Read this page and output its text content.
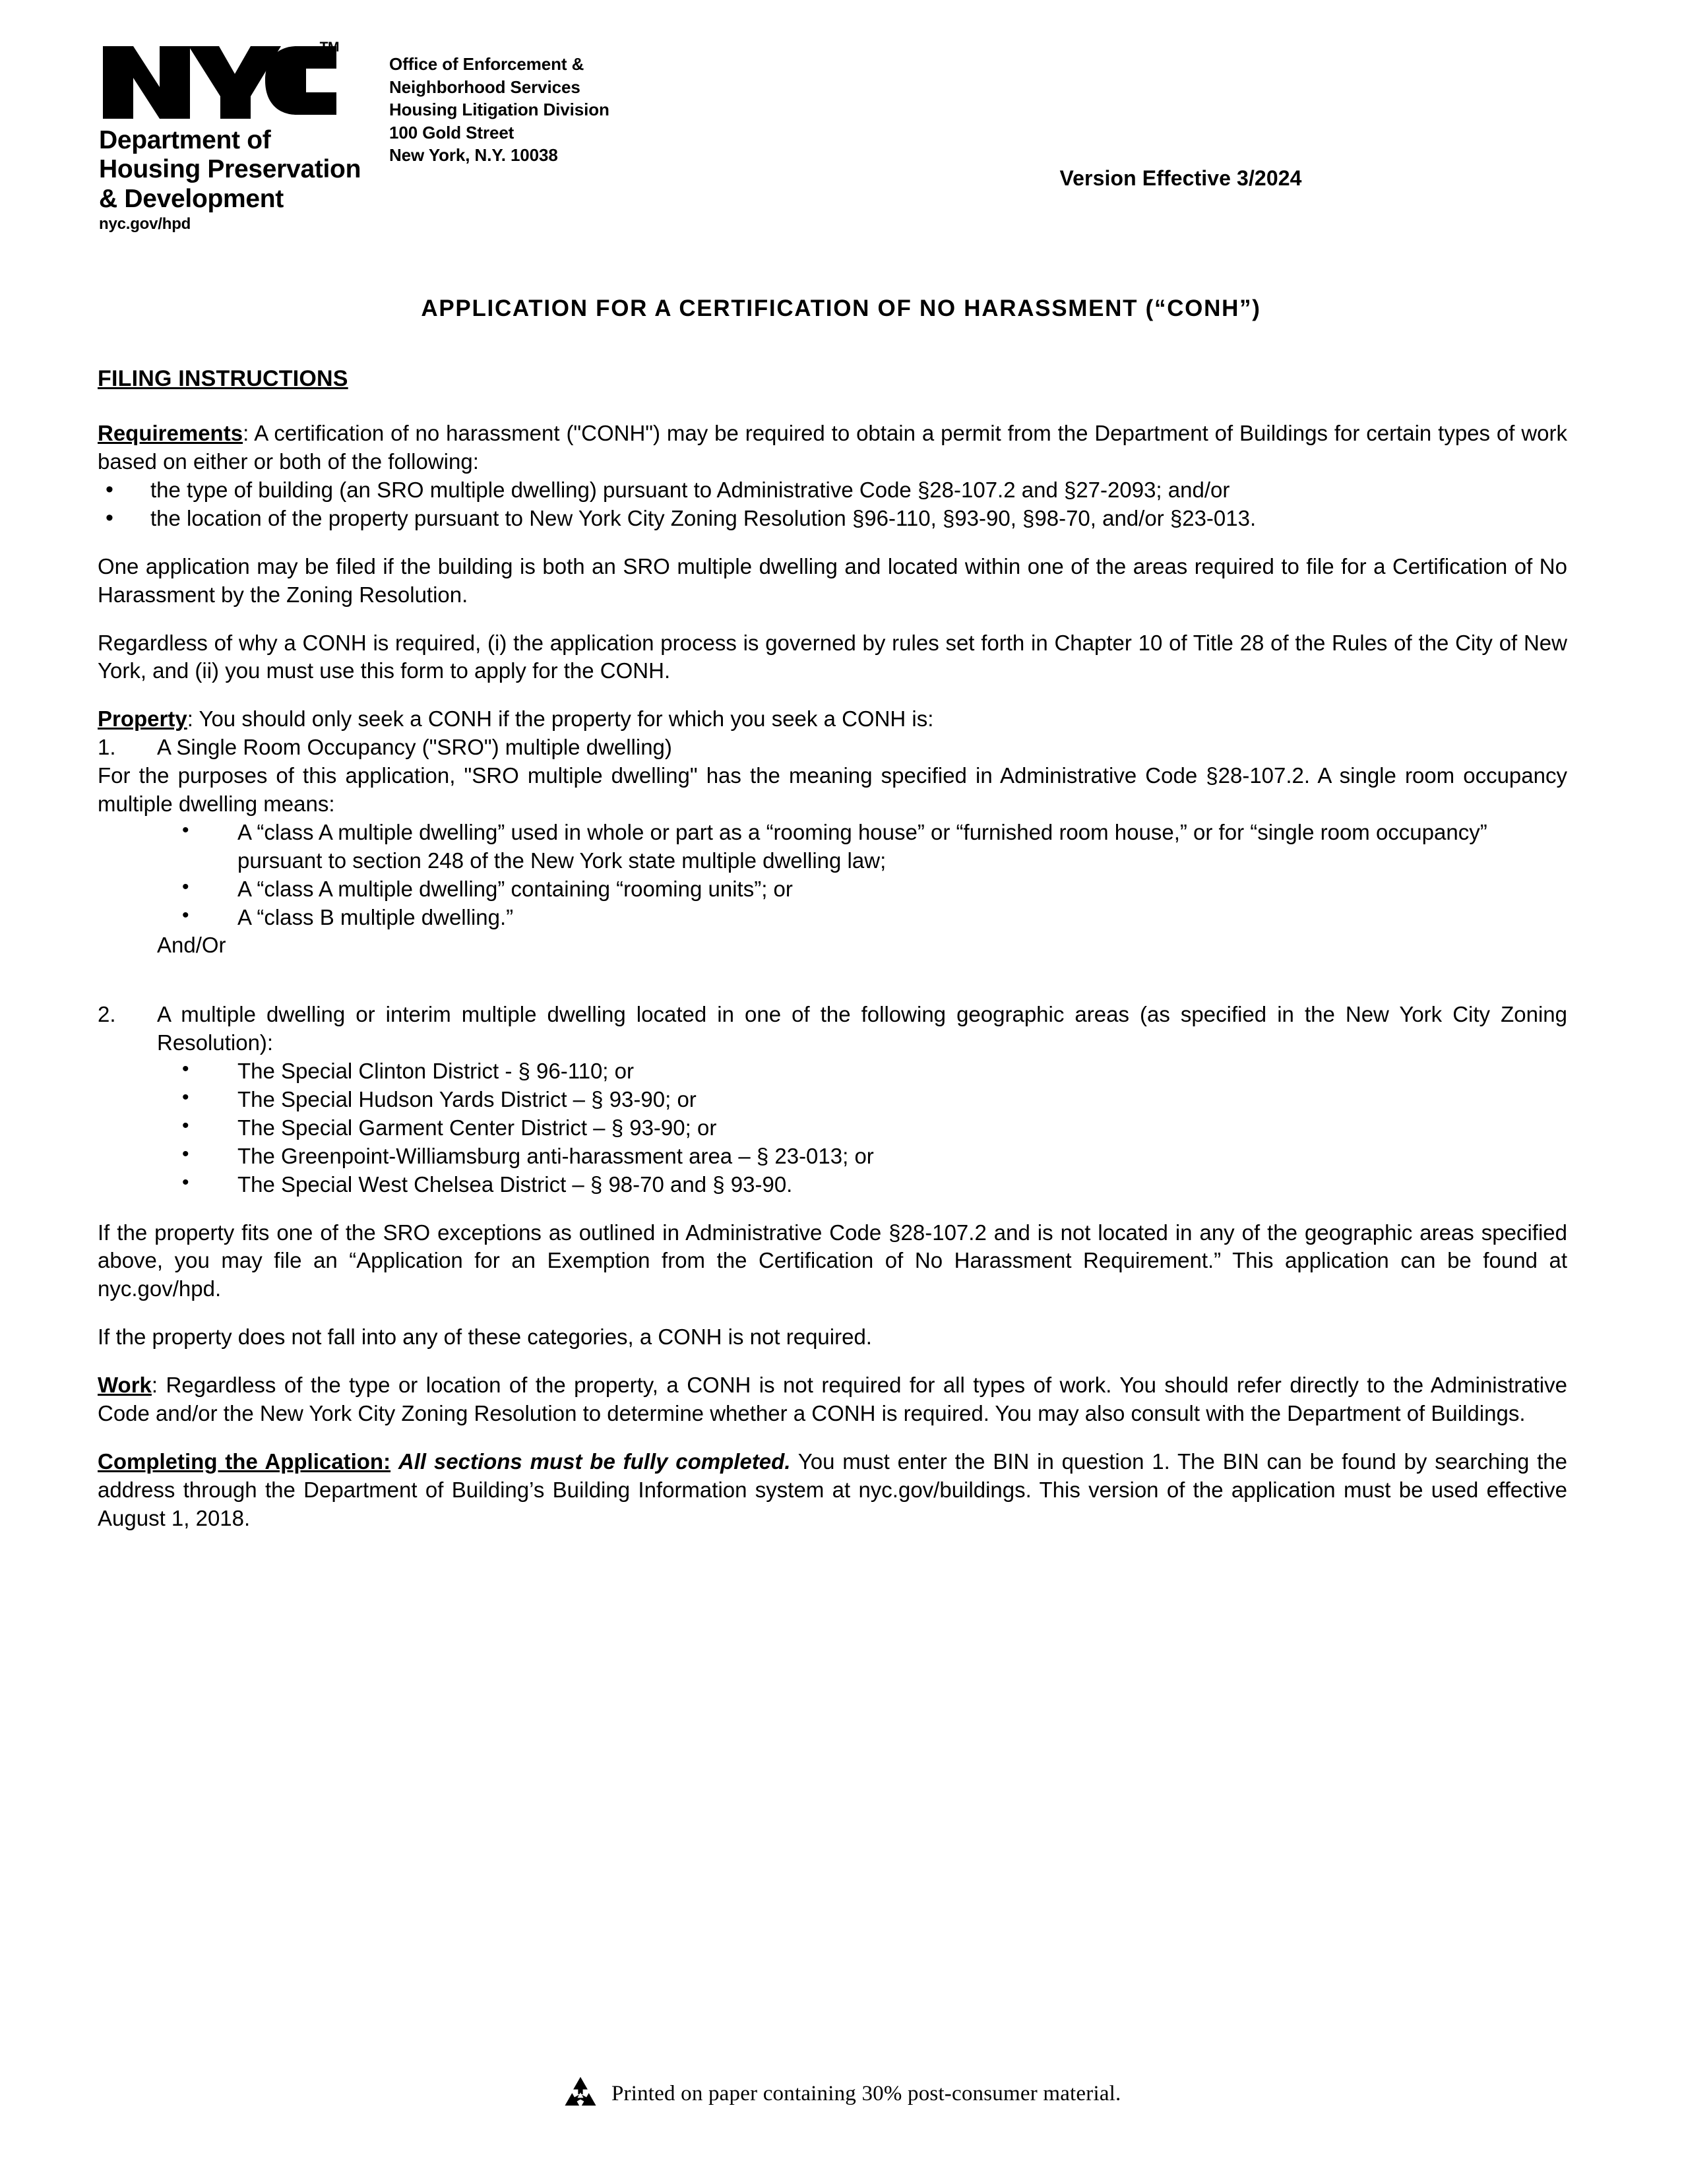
TM
Department of
Housing Preservation
& Development
nyc.gov/hpd
Office of Enforcement &
Neighborhood Services
Housing Litigation Division
100 Gold Street
New York, N.Y. 10038
Version Effective 3/2024
APPLICATION FOR A CERTIFICATION OF NO HARASSMENT (“CONH”)
FILING INSTRUCTIONS

Requirements: A certification of no harassment ("CONH") may be required to obtain a permit from the Department of Buildings for certain types of work based on either or both of the following:

• the type of building (an SRO multiple dwelling) pursuant to Administrative Code §28-107.2 and §27-2093; and/or
• the location of the property pursuant to New York City Zoning Resolution §96-110, §93-90, §98-70, and/or §23-013.

One application may be filed if the building is both an SRO multiple dwelling and located within one of the areas required to file for a Certification of No Harassment by the Zoning Resolution.

Regardless of why a CONH is required, (i) the application process is governed by rules set forth in Chapter 10 of Title 28 of the Rules of the City of New York, and (ii) you must use this form to apply for the CONH.

Property: You should only seek a CONH if the property for which you seek a CONH is:

1. A Single Room Occupancy ("SRO") multiple dwelling)

For the purposes of this application, "SRO multiple dwelling" has the meaning specified in Administrative Code §28-107.2. A single room occupancy multiple dwelling means:

• A “class A multiple dwelling” used in whole or part as a “rooming house” or “furnished room house,” or for “single room occupancy” pursuant to section 248 of the New York state multiple dwelling law;
• A “class A multiple dwelling” containing “rooming units”; or
• A “class B multiple dwelling.”

And/Or

2. A multiple dwelling or interim multiple dwelling located in one of the following geographic areas (as specified in the New York City Zoning Resolution):
• The Special Clinton District - § 96-110; or
• The Special Hudson Yards District – § 93-90; or
• The Special Garment Center District – § 93-90; or
• The Greenpoint-Williamsburg anti-harassment area – § 23-013; or
• The Special West Chelsea District – § 98-70 and § 93-90.

If the property fits one of the SRO exceptions as outlined in Administrative Code §28-107.2 and is not located in any of the geographic areas specified above, you may file an “Application for an Exemption from the Certification of No Harassment Requirement.” This application can be found at nyc.gov/hpd.

If the property does not fall into any of these categories, a CONH is not required.

Work: Regardless of the type or location of the property, a CONH is not required for all types of work. You should refer directly to the Administrative Code and/or the New York City Zoning Resolution to determine whether a CONH is required. You may also consult with the Department of Buildings.

Completing the Application: All sections must be fully completed. You must enter the BIN in question 1. The BIN can be found by searching the address through the Department of Building’s Building Information system at nyc.gov/buildings. This version of the application must be used effective August 1, 2018.

Printed on paper containing 30% post-consumer material.
